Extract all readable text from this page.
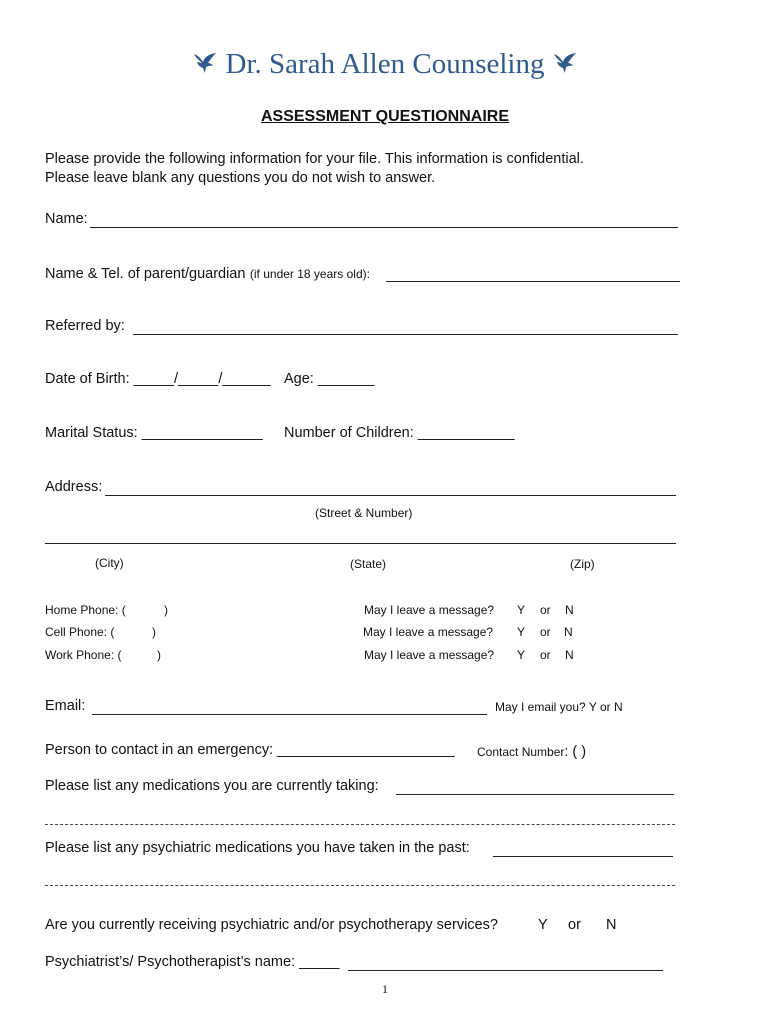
Dr. Sarah Allen Counseling
ASSESSMENT QUESTIONNAIRE
Please provide the following information for your file. This information is confidential.
Please leave blank any questions you do not wish to answer.
Name:
Name & Tel. of parent/guardian (if under 18 years old):
Referred by:
Date of Birth: _____/_____/______ Age: _______
Marital Status: _______________ Number of Children: ____________
Address:
(Street & Number)
(City)	(State)	(Zip)
Home Phone: (	)	May I leave a message? Y or N
Cell Phone: (	)	May I leave a message? Y or N
Work Phone: (	)	May I leave a message? Y or N
Email:	May I email you? Y or N
Person to contact in an emergency: ______________________ Contact Number: ( )
Please list any medications you are currently taking:
Please list any psychiatric medications you have taken in the past:
Are you currently receiving psychiatric and/or psychotherapy services?	Y or N
Psychiatrist’s/ Psychotherapist’s name: _____
1
